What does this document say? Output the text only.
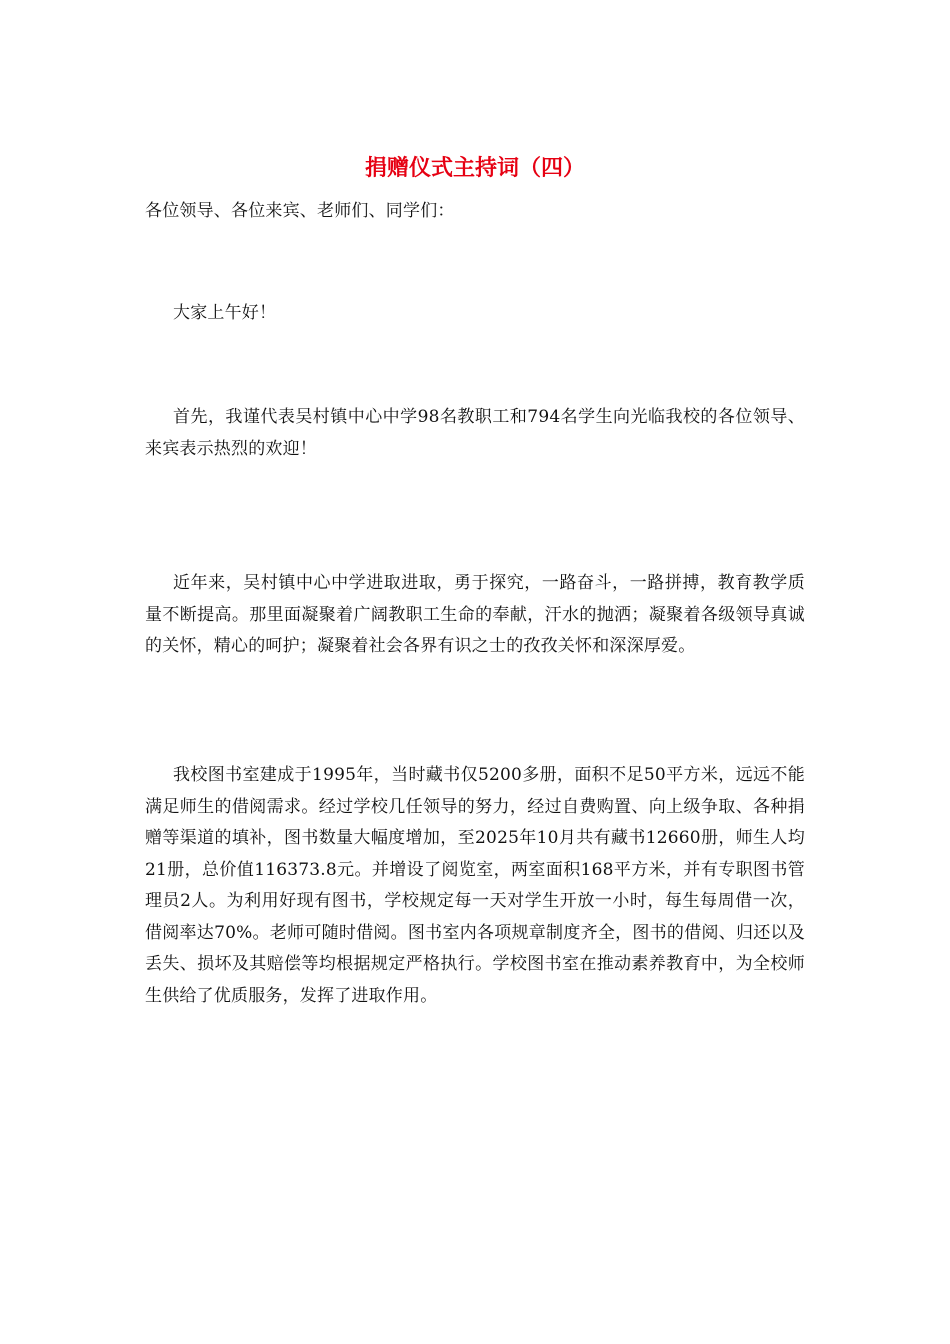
捐赠仪式主持词（四）

各位领导、各位来宾、老师们、同学们：

大家上午好！

首先，我谨代表吴村镇中心中学98名教职工和794名学生向光临我校的各位领导、来宾表示热烈的欢迎！

近年来，吴村镇中心中学进取进取，勇于探究，一路奋斗，一路拼搏，教育教学质量不断提高。那里面凝聚着广阔教职工生命的奉献，汗水的抛洒；凝聚着各级领导真诚的关怀，精心的呵护；凝聚着社会各界有识之士的孜孜关怀和深深厚爱。

我校图书室建成于1995年，当时藏书仅5200多册，面积不足50平方米，远远不能满足师生的借阅需求。经过学校几任领导的努力，经过自费购置、向上级争取、各种捐赠等渠道的填补，图书数量大幅度增加，至2025年10月共有藏书12660册，师生人均21册，总价值116373.8元。并增设了阅览室，两室面积168平方米，并有专职图书管理员2人。为利用好现有图书，学校规定每一天对学生开放一小时，每生每周借一次，借阅率达70%。老师可随时借阅。图书室内各项规章制度齐全，图书的借阅、归还以及丢失、损坏及其赔偿等均根据规定严格执行。学校图书室在推动素养教育中，为全校师生供给了优质服务，发挥了进取作用。
